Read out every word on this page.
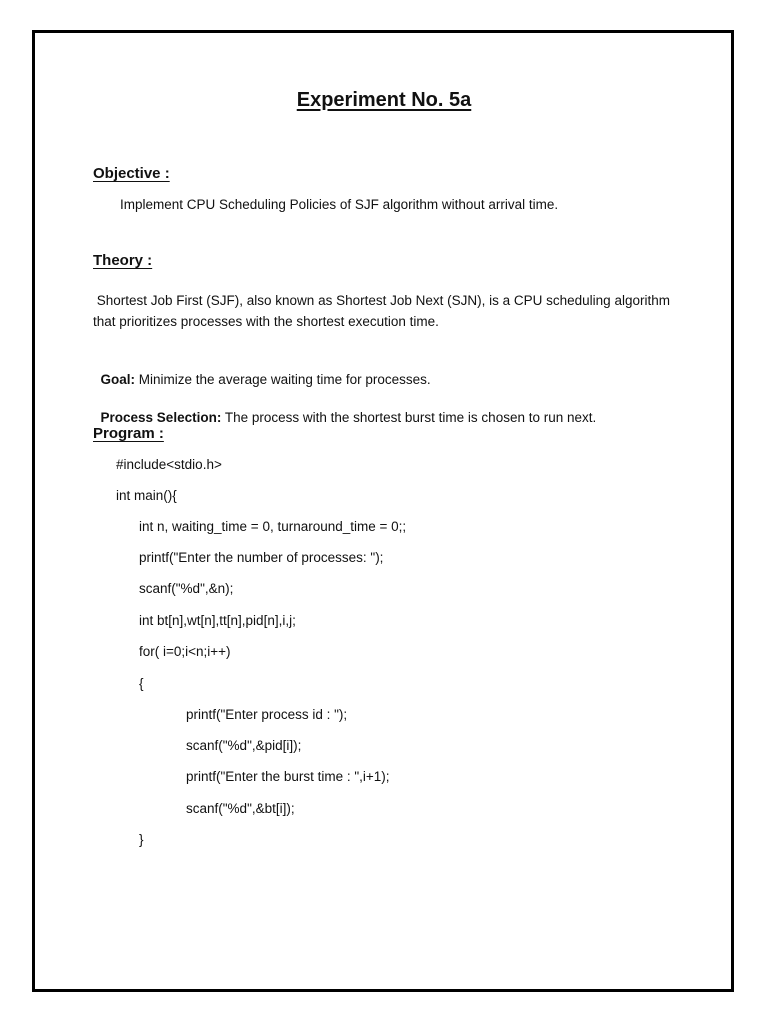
Experiment No. 5a
Objective :
Implement CPU Scheduling Policies of SJF algorithm without arrival time.
Theory :
Shortest Job First (SJF), also known as Shortest Job Next (SJN), is a CPU scheduling algorithm
that prioritizes processes with the shortest execution time.

Goal: Minimize the average waiting time for processes.

Process Selection: The process with the shortest burst time is chosen to run next.

Program :
#include<stdio.h>
int main(){
int n, waiting_time = 0, turnaround_time = 0;;
printf("Enter the number of processes: ");
scanf("%d",&n);
int bt[n],wt[n],tt[n],pid[n],i,j;
for( i=0;i<n;i++)
{
printf("Enter process id : ");
scanf("%d",&pid[i]);
printf("Enter the burst time : ",i+1);
scanf("%d",&bt[i]);
}
